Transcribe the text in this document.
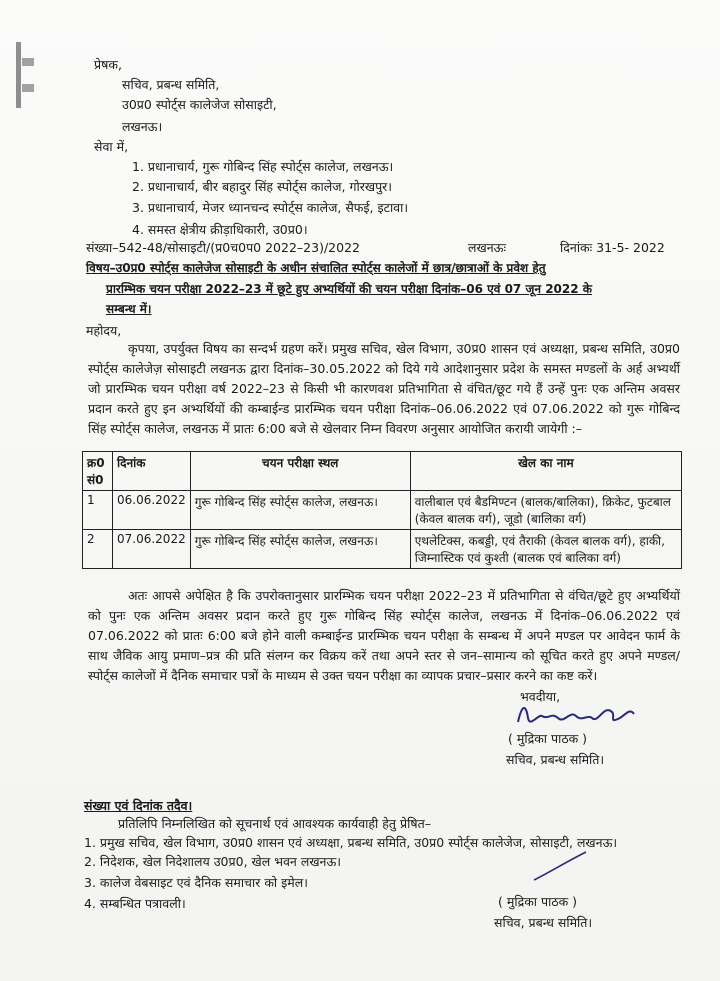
प्रेषक,
सचिव, प्रबन्ध समिति,
उ0प्र0 स्पोर्ट्स कालेजेज सोसाइटी,
लखनऊ।
सेवा में,
1. प्रधानाचार्य, गुरू गोबिन्द सिंह स्पोर्ट्स कालेज, लखनऊ।
2. प्रधानाचार्य, बीर बहादुर सिंह स्पोर्ट्स कालेज, गोरखपुर।
3. प्रधानाचार्य, मेजर ध्यानचन्द स्पोर्ट्स कालेज, सैफई, इटावा।
4. समस्त क्षेत्रीय क्रीड़ाधिकारी, उ0प्र0।
संख्या–542-48/सोसाइटी/(प्र0च0प0 2022–23)/2022	लखनऊः	दिनांकः 31-5- 2022
विषय–उ0प्र0 स्पोर्ट्स कालेजेज सोसाइटी के अधीन संचालित स्पोर्ट्स कालेजों में छात्र/छात्राओं के प्रवेश हेतु
प्रारम्भिक चयन परीक्षा 2022–23 में छूटे हुए अभ्यर्थियों की चयन परीक्षा दिनांक–06 एवं 07 जून 2022 के
सम्बन्ध में।
महोदय,
कृपया, उपर्युक्त विषय का सन्दर्भ ग्रहण करें। प्रमुख सचिव, खेल विभाग, उ0प्र0 शासन एवं अध्यक्षा, प्रबन्ध समिति, उ0प्र0 स्पोर्ट्स कालेजेज़ सोसाइटी लखनऊ द्वारा दिनांक–30.05.2022 को दिये गये आदेशानुसार प्रदेश के समस्त मण्डलों के अर्ह अभ्यर्थी जो प्रारम्भिक चयन परीक्षा वर्ष 2022–23 से किसी भी कारणवश प्रतिभागिता से वंचित/छूट गये हैं उन्हें पुनः एक अन्तिम अवसर प्रदान करते हुए इन अभ्यर्थियों की कम्बाईन्ड प्रारम्भिक चयन परीक्षा दिनांक–06.06.2022 एवं 07.06.2022 को गुरू गोबिन्द सिंह स्पोर्ट्स कालेज, लखनऊ में प्रातः 6:00 बजे से खेलवार निम्न विवरण अनुसार आयोजित करायी जायेगी :–
क्र0 सं0	दिनांक	चयन परीक्षा स्थल	खेल का नाम
1	06.06.2022	गुरू गोबिन्द सिंह स्पोर्ट्स कालेज, लखनऊ।	वालीबाल एवं बैडमिण्टन (बालक/बालिका), क्रिकेट, फुटबाल (केवल बालक वर्ग), जूडो (बालिका वर्ग)
2	07.06.2022	गुरू गोबिन्द सिंह स्पोर्ट्स कालेज, लखनऊ।	एथलेटिक्स, कबड्डी, एवं तैराकी (केवल बालक वर्ग), हाकी, जिम्नास्टिक एवं कुश्ती (बालक एवं बालिका वर्ग)
अतः आपसे अपेक्षित है कि उपरोक्तानुसार प्रारम्भिक चयन परीक्षा 2022–23 में प्रतिभागिता से वंचित/छूटे हुए अभ्यर्थियों को पुनः एक अन्तिम अवसर प्रदान करते हुए गुरू गोबिन्द सिंह स्पोर्ट्स कालेज, लखनऊ में दिनांक–06.06.2022 एवं 07.06.2022 को प्रातः 6:00 बजे होने वाली कम्बाईन्ड प्रारम्भिक चयन परीक्षा के सम्बन्ध में अपने मण्डल पर आवेदन फार्म के साथ जैविक आयु प्रमाण–प्रत्र की प्रति संलग्न कर विक्रय करें तथा अपने स्तर से जन–सामान्य को सूचित करते हुए अपने मण्डल/स्पोर्ट्स कालेजों में दैनिक समाचार पत्रों के माध्यम से उक्त चयन परीक्षा का व्यापक प्रचार–प्रसार करने का कष्ट करें।
भवदीया,
( मुद्रिका पाठक )
सचिव, प्रबन्ध समिति।
संख्या एवं दिनांक तदैव।
प्रतिलिपि निम्नलिखित को सूचनार्थ एवं आवश्यक कार्यवाही हेतु प्रेषित–
1. प्रमुख सचिव, खेल विभाग, उ0प्र0 शासन एवं अध्यक्षा, प्रबन्ध समिति, उ0प्र0 स्पोर्ट्स कालेजेज, सोसाइटी, लखनऊ।
2. निदेशक, खेल निदेशालय उ0प्र0, खेल भवन लखनऊ।
3. कालेज वेबसाइट एवं दैनिक समाचार को इमेल।
4. सम्बन्धित पत्रावली।	( मुद्रिका पाठक )
सचिव, प्रबन्ध समिति।
